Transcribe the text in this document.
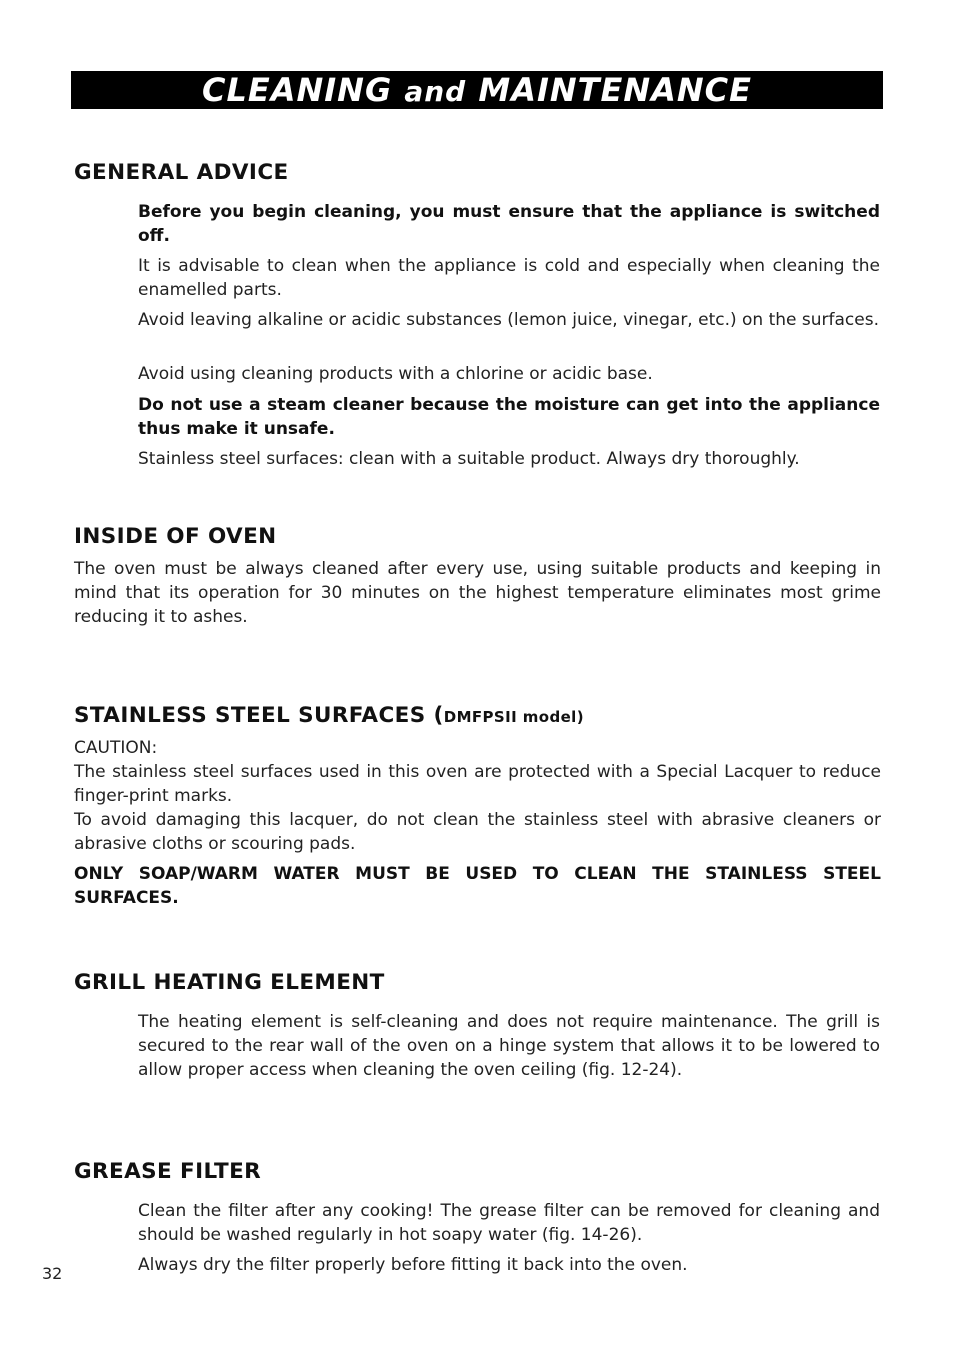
CLEANING and MAINTENANCE
GENERAL ADVICE
Before you begin cleaning, you must ensure that the appliance is switched off.
It is advisable to clean when the appliance is cold and especially when cleaning the enamelled parts.
Avoid leaving alkaline or acidic substances (lemon juice, vinegar, etc.) on the surfaces.
Avoid using cleaning products with a chlorine or acidic base.
Do not use a steam cleaner because the moisture can get into the appliance thus make it unsafe.
Stainless steel surfaces: clean with a suitable product. Always dry thoroughly.
INSIDE OF OVEN
The oven must be always cleaned after every use, using suitable products and keeping in mind that its operation for 30 minutes on the highest temperature eliminates most grime reducing it to ashes.
STAINLESS STEEL SURFACES (DMFPSII model)
CAUTION:
The stainless steel surfaces used in this oven are protected with a Special Lacquer to reduce finger-print marks.
To avoid damaging this lacquer, do not clean the stainless steel with abrasive cleaners or abrasive cloths or scouring pads.
ONLY SOAP/WARM WATER MUST BE USED TO CLEAN THE STAINLESS STEEL SURFACES.
GRILL HEATING ELEMENT
The heating element is self-cleaning and does not require maintenance. The grill is secured to the rear wall of the oven on a hinge system that allows it to be lowered to allow proper access when cleaning the oven ceiling (fig. 12-24).
GREASE FILTER
Clean the filter after any cooking! The grease filter can be removed for cleaning and should be washed regularly in hot soapy water (fig. 14-26).
Always dry the filter properly before fitting it back into the oven.
32
